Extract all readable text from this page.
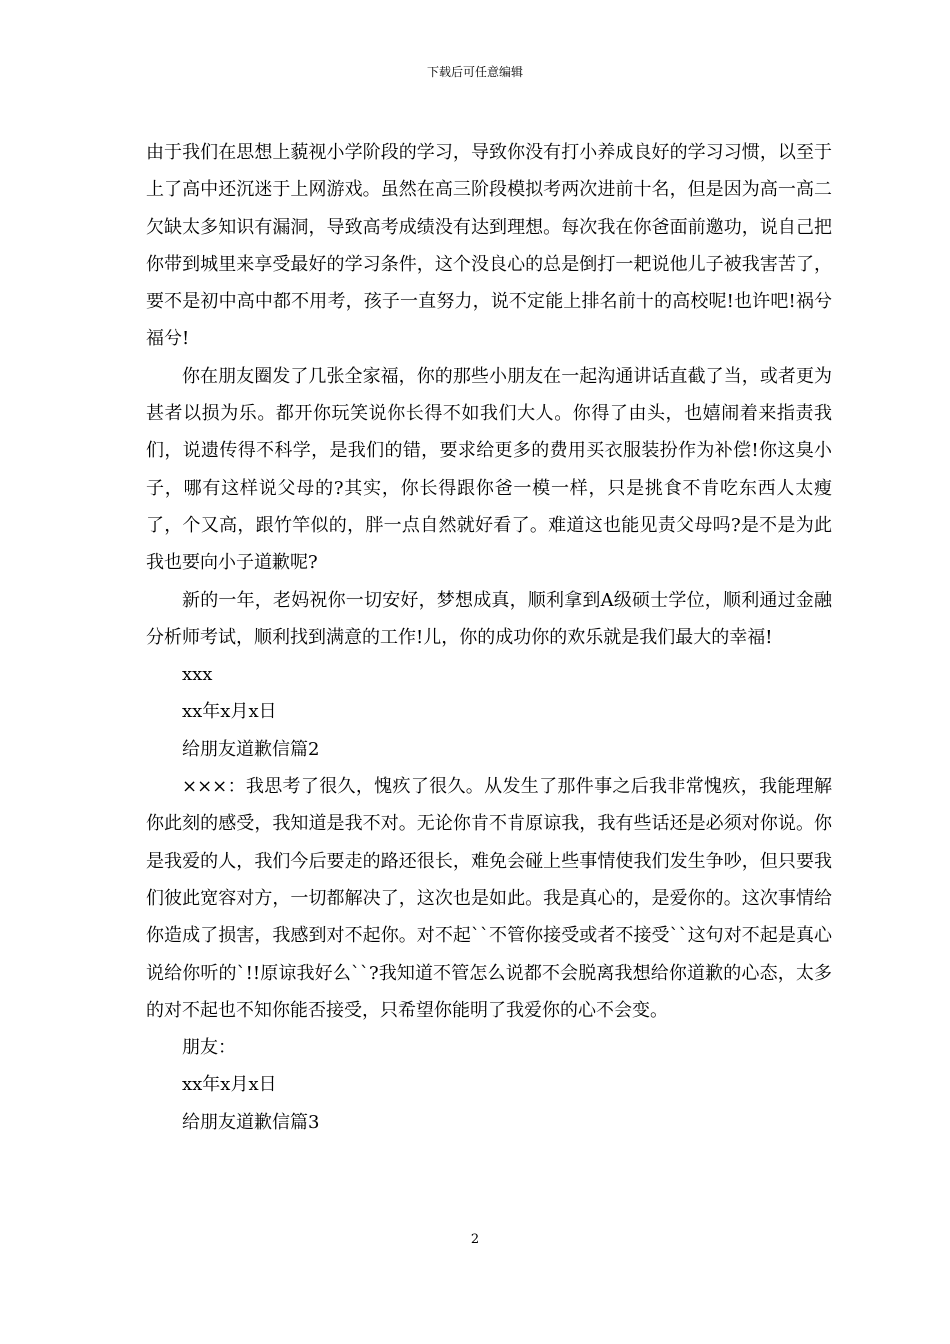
下载后可任意编辑

由于我们在思想上藐视小学阶段的学习，导致你没有打小养成良好的学习习惯，以至于上了高中还沉迷于上网游戏。虽然在高三阶段模拟考两次进前十名，但是因为高一高二欠缺太多知识有漏洞，导致高考成绩没有达到理想。每次我在你爸面前邀功，说自己把你带到城里来享受最好的学习条件，这个没良心的总是倒打一耙说他儿子被我害苦了，要不是初中高中都不用考，孩子一直努力，说不定能上排名前十的高校呢!也许吧!祸兮福兮!

你在朋友圈发了几张全家福，你的那些小朋友在一起沟通讲话直截了当，或者更为甚者以损为乐。都开你玩笑说你长得不如我们大人。你得了由头，也嬉闹着来指责我们，说遗传得不科学，是我们的错，要求给更多的费用买衣服装扮作为补偿!你这臭小子，哪有这样说父母的?其实，你长得跟你爸一模一样，只是挑食不肯吃东西人太瘦了，个又高，跟竹竿似的，胖一点自然就好看了。难道这也能见责父母吗?是不是为此我也要向小子道歉呢?

新的一年，老妈祝你一切安好，梦想成真，顺利拿到A级硕士学位，顺利通过金融分析师考试，顺利找到满意的工作!儿，你的成功你的欢乐就是我们最大的幸福!

xxx

xx年x月x日

给朋友道歉信篇2

×××：我思考了很久，愧疚了很久。从发生了那件事之后我非常愧疚，我能理解你此刻的感受，我知道是我不对。无论你肯不肯原谅我，我有些话还是必须对你说。你是我爱的人，我们今后要走的路还很长，难免会碰上些事情使我们发生争吵，但只要我们彼此宽容对方，一切都解决了，这次也是如此。我是真心的，是爱你的。这次事情给你造成了损害，我感到对不起你。对不起``不管你接受或者不接受``这句对不起是真心说给你听的`!!原谅我好么``?我知道不管怎么说都不会脱离我想给你道歉的心态，太多的对不起也不知你能否接受，只希望你能明了我爱你的心不会变。

朋友：

xx年x月x日

给朋友道歉信篇3

2
